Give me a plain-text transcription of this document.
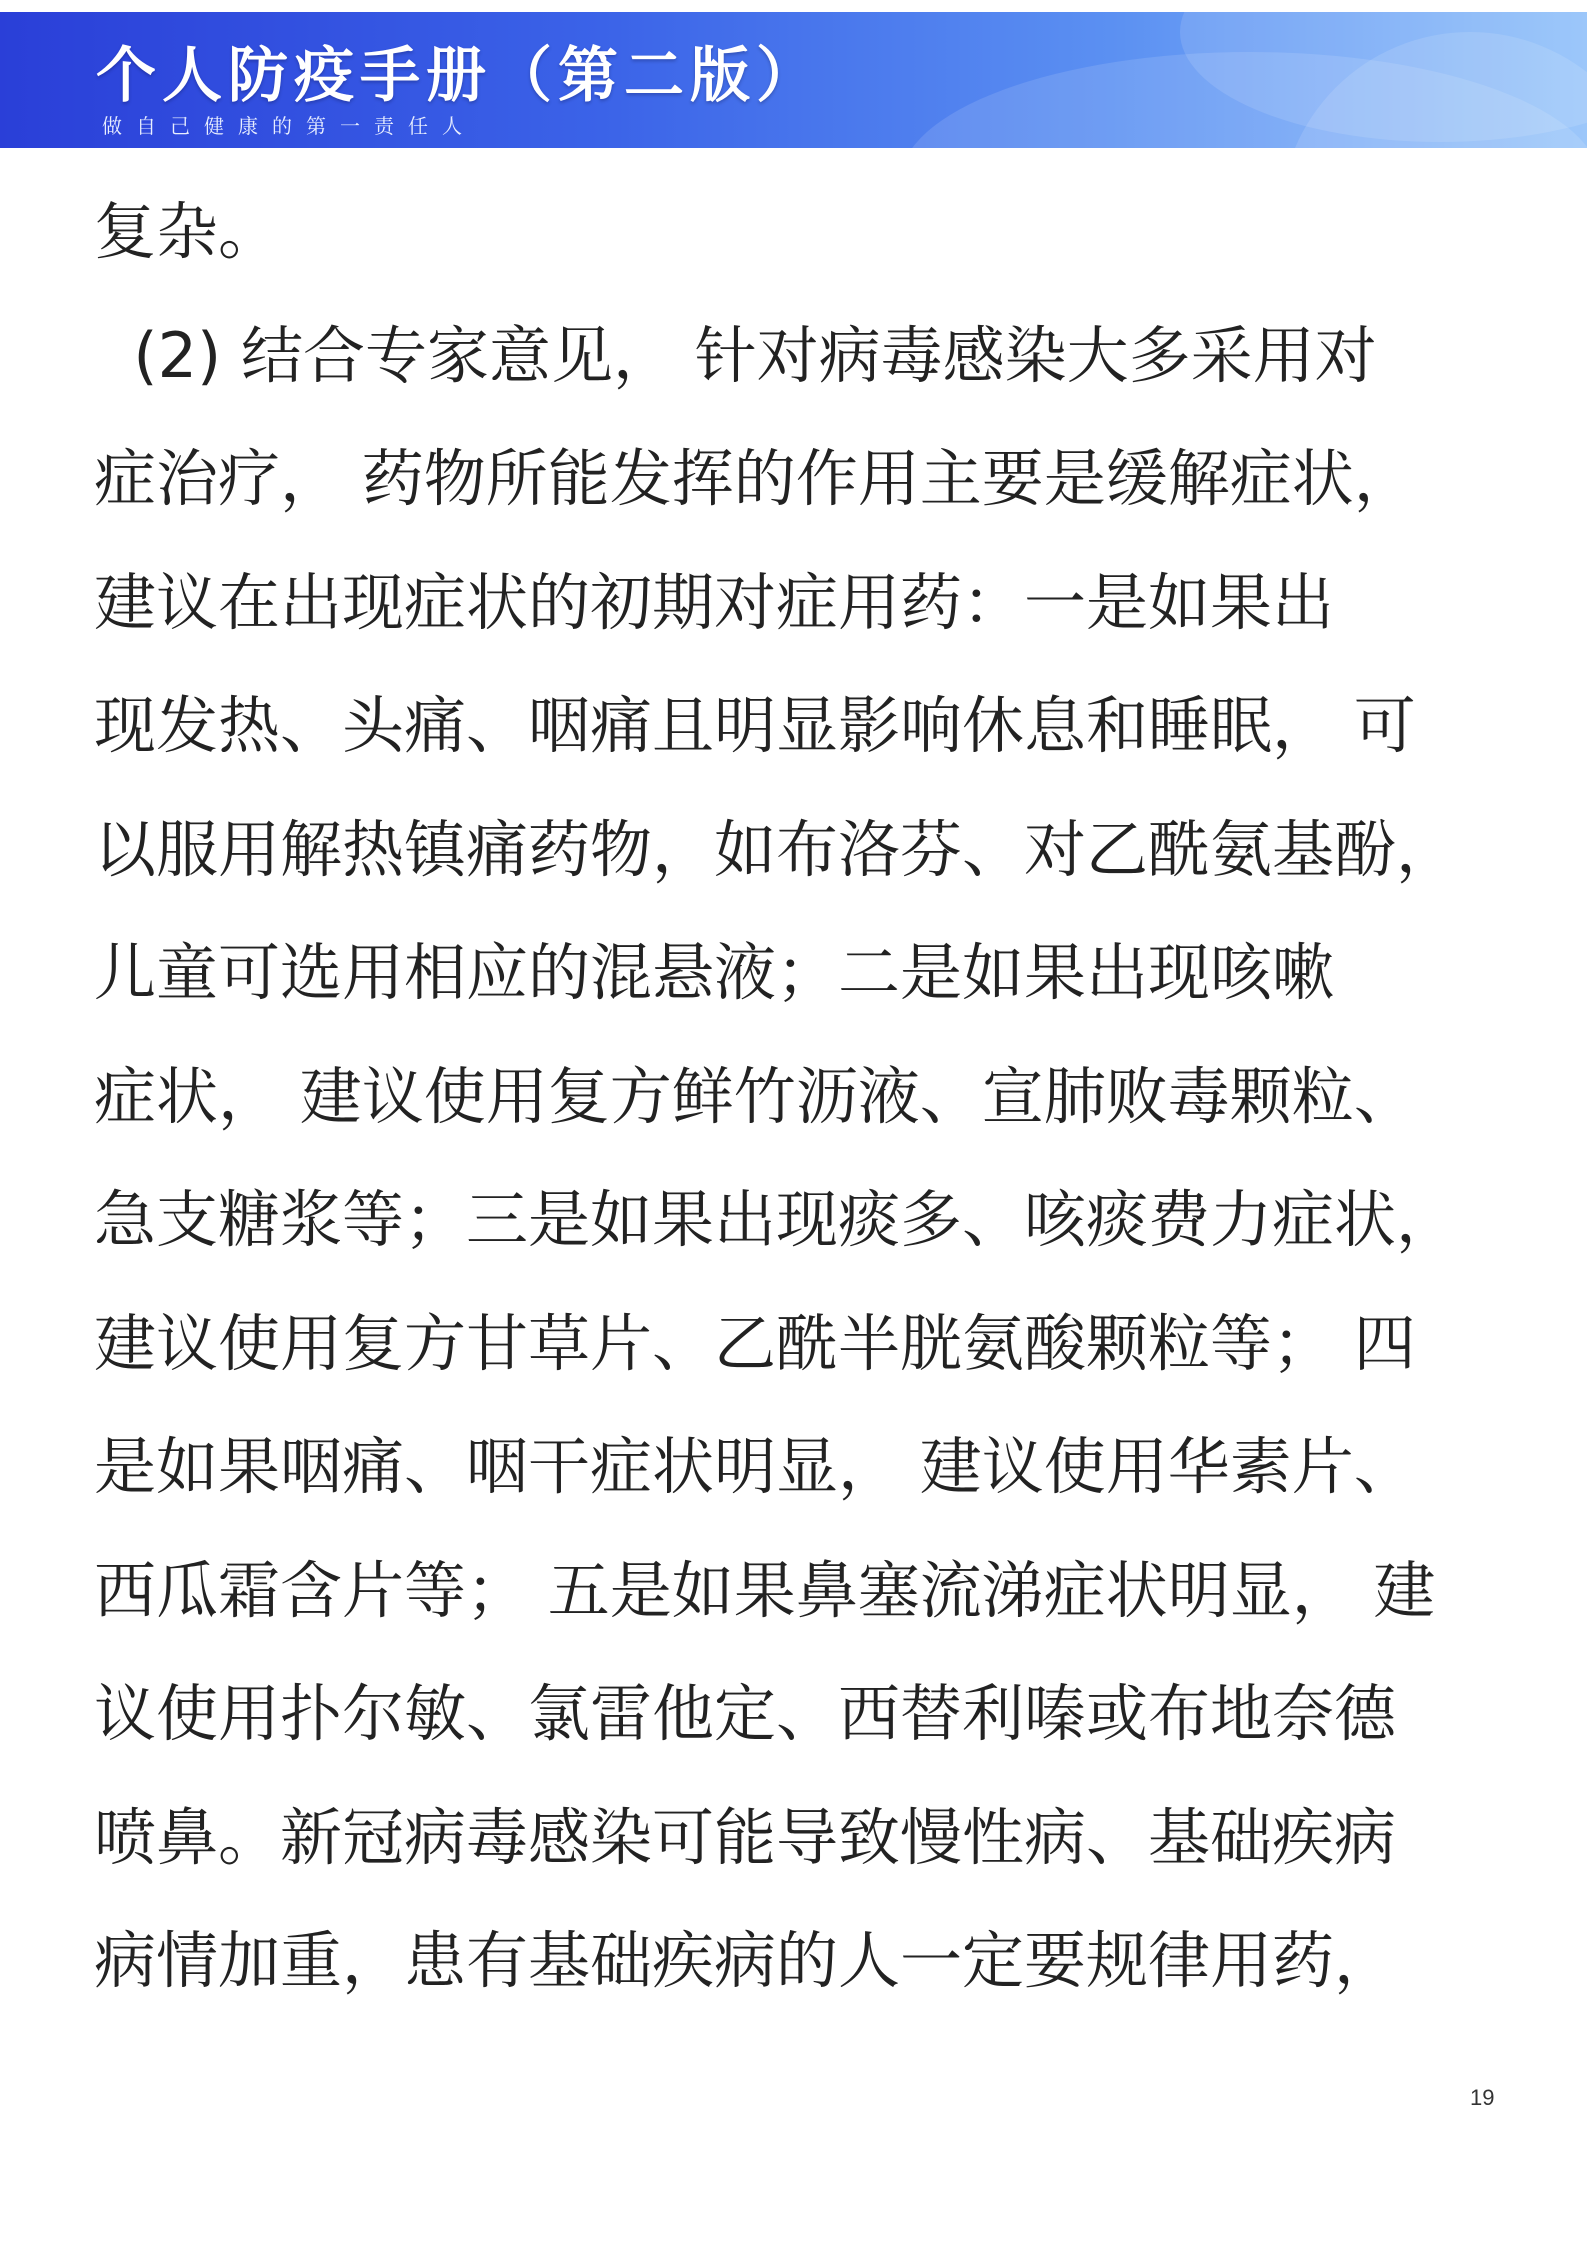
个人防疫手册（第二版）
做自己健康的第一责任人
复杂。
(2) 结合专家意见， 针对病毒感染大多采用对
症治疗， 药物所能发挥的作用主要是缓解症状，
建议在出现症状的初期对症用药：一是如果出
现发热、头痛、咽痛且明显影响休息和睡眠， 可
以服用解热镇痛药物，如布洛芬、对乙酰氨基酚，
儿童可选用相应的混悬液；二是如果出现咳嗽
症状， 建议使用复方鲜竹沥液、宣肺败毒颗粒、
急支糖浆等；三是如果出现痰多、咳痰费力症状，
建议使用复方甘草片、乙酰半胱氨酸颗粒等； 四
是如果咽痛、咽干症状明显， 建议使用华素片、
西瓜霜含片等； 五是如果鼻塞流涕症状明显， 建
议使用扑尔敏、氯雷他定、西替利嗪或布地奈德
喷鼻。新冠病毒感染可能导致慢性病、基础疾病
病情加重，患有基础疾病的人一定要规律用药，
19
